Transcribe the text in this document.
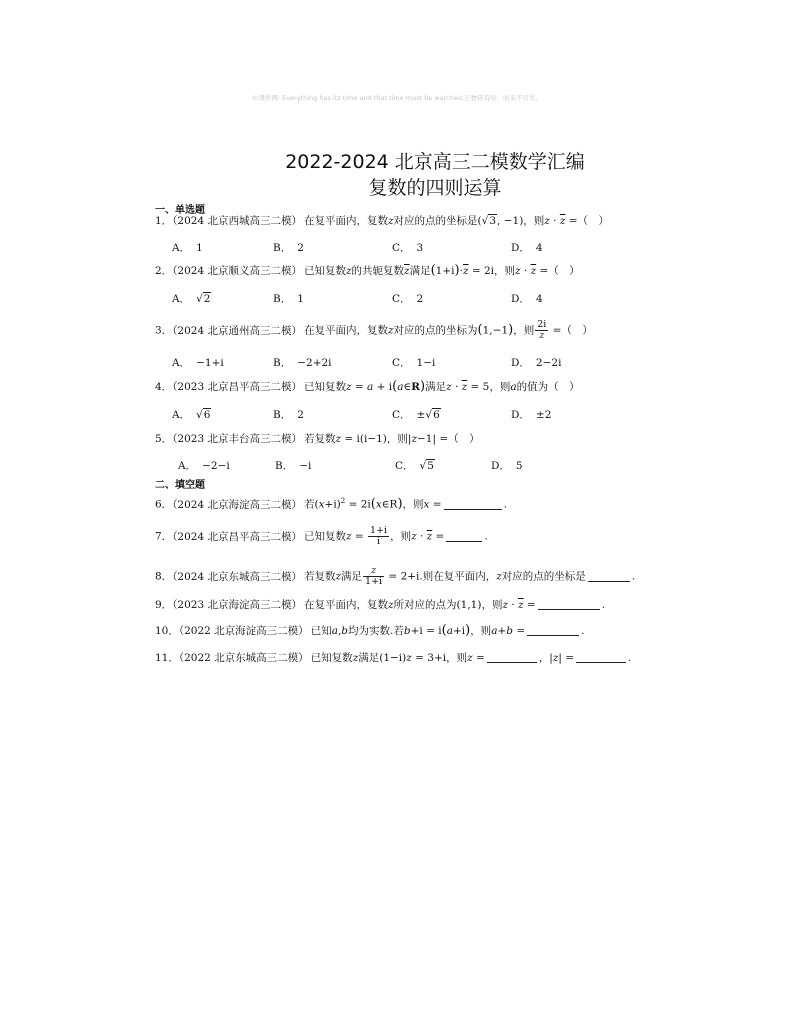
©课件网: Everything has its time and that time must be watched.万物皆有时，时来不可失。
2022-2024 北京高三二模数学汇编
复数的四则运算
一、单选题
1．（2024 北京西城高三二模） 在复平面内，复数z对应的点的坐标是(√3, −1)，则$z \cdot \overline{z}$ =（　）
A． 1	B． 2	C． 3	D． 4
2．（2024 北京顺义高三二模） 已知复数z的共轭复数$\overline{z}$满足$(1+i)\cdot\overline{z} = 2i$，则$z \cdot \overline{z}$ =（　）
A． √2	B． 1	C． 2	D． 4
3．（2024 北京通州高三二模） 在复平面内，复数z对应的点的坐标为(1,−1)，则 $\frac{2i}{z}$ =（　）
A． −1+i	B． −2+2i	C． 1−i	D． 2−2i
4．（2023 北京昌平高三二模） 已知复数z = a + i(a∈R)满足$z \cdot \overline{z} = 5$，则a的值为（　）
A． √6	B． 2	C． ±√6	D． ±2
5．（2023 北京丰台高三二模） 若复数z = i(i−1)，则|z−1| =（　）
A． −2−i	B． −i	C． √5	D． 5
二、填空题
6．（2024 北京海淀高三二模） 若$(x+i)^2$ = 2i(x∈R)，则x =	.
7．（2024 北京昌平高三二模） 已知复数$z = \frac{1+i}{i}$ ，则$z \cdot \overline{z}$ =	.
8．（2024 北京东城高三二模） 若复数z满足 $\frac{z}{1+i} = 2+i$.则在复平面内，z对应的点的坐标是	.
9．（2023 北京海淀高三二模） 在复平面内，复数z所对应的点为(1,1)，则$z \cdot \overline{z}$ =	.
10．（2022 北京海淀高三二模） 已知a,b均为实数.若b+i = i(a+i)，则a+b =	.
11．（2022 北京东城高三二模） 已知复数z满足(1−i)z = 3+i，则z =	，|z| =	.
